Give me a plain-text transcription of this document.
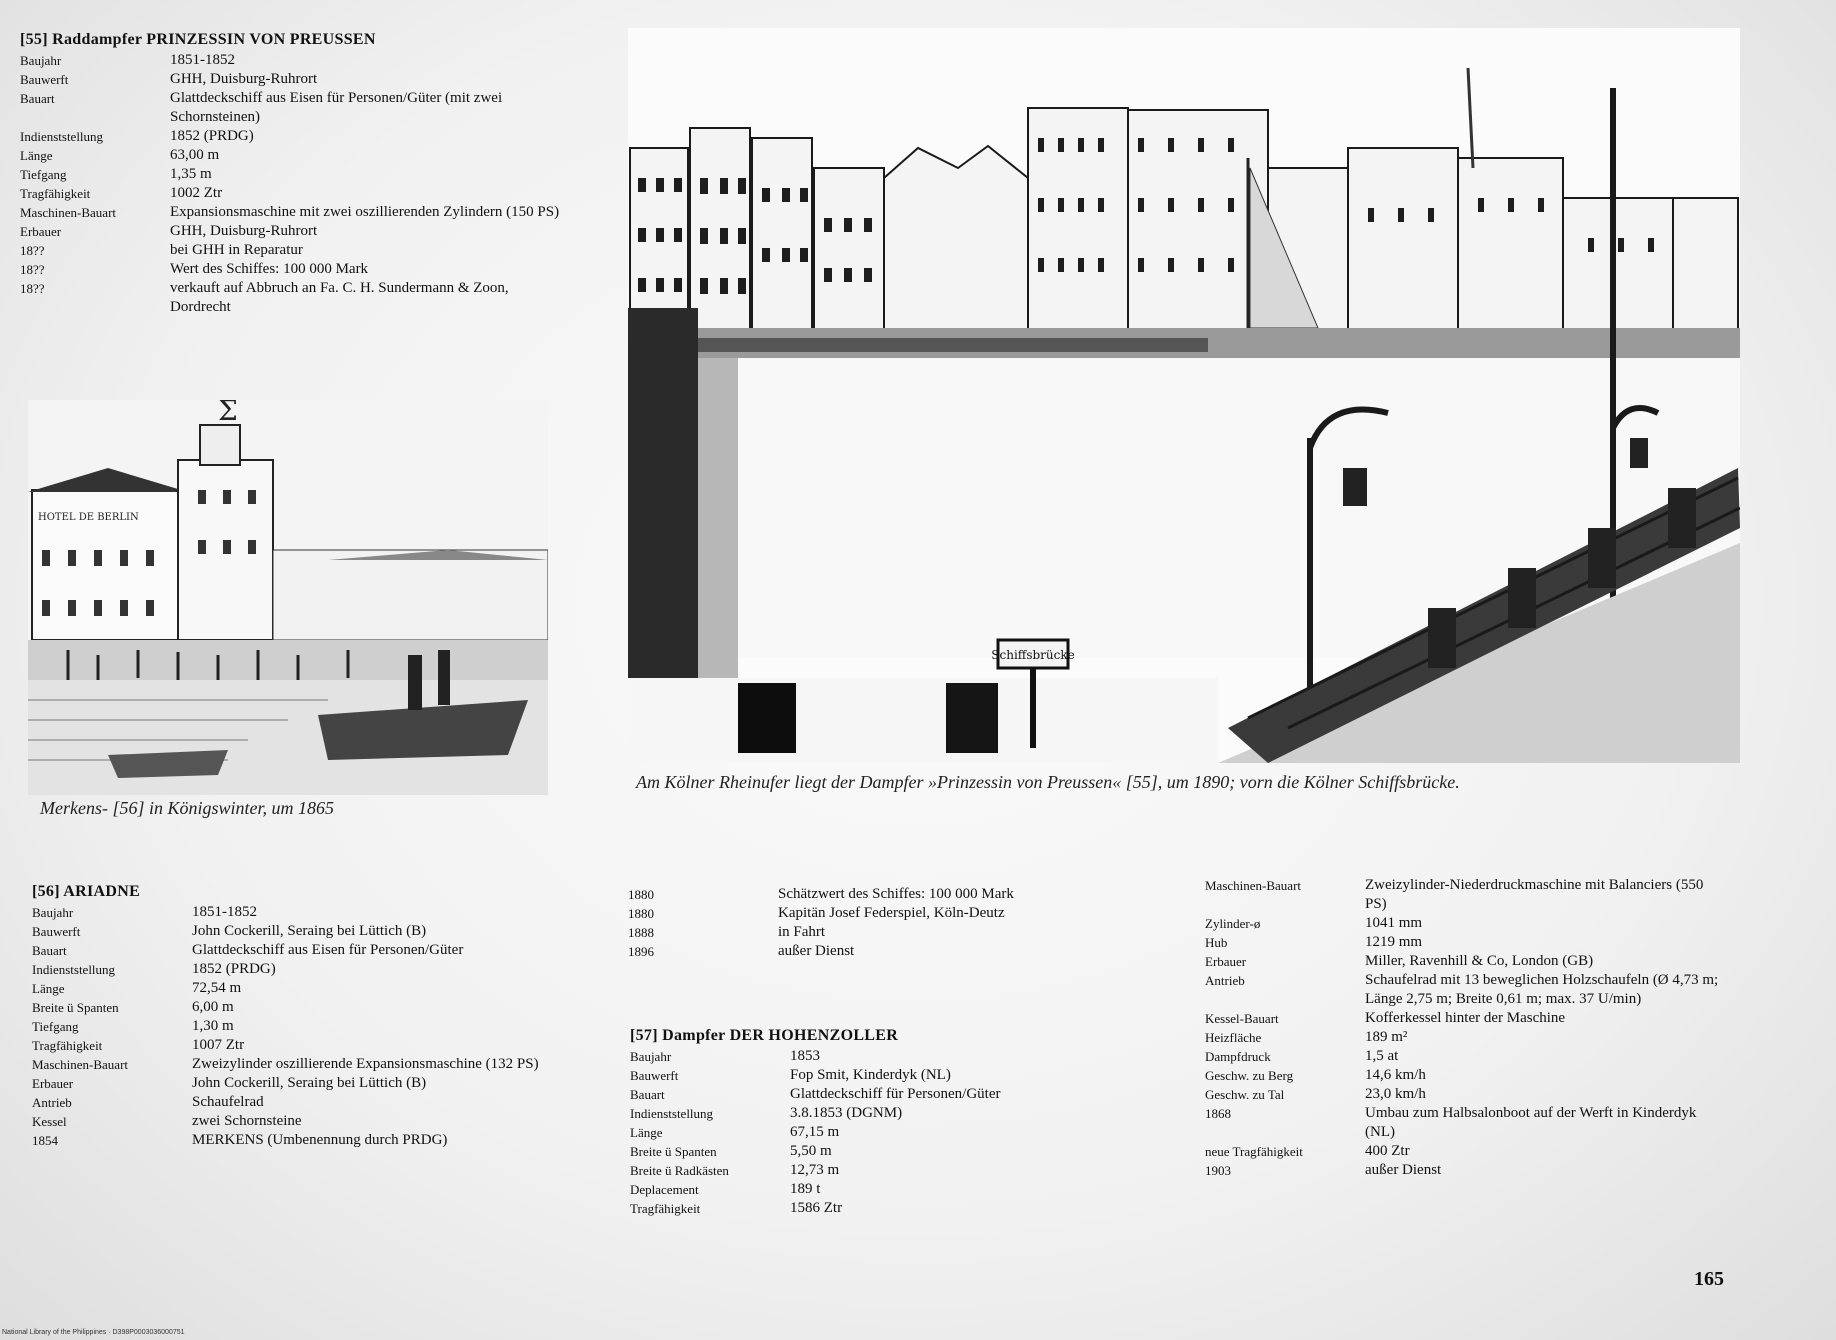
[55] Raddampfer PRINZESSIN VON PREUSSEN
Baujahr	1851-1852
Bauwerft	GHH, Duisburg-Ruhrort
Bauart	Glattdeckschiff aus Eisen für Personen/Güter (mit zwei Schornsteinen)
Indienststellung	1852 (PRDG)
Länge	63,00 m
Tiefgang	1,35 m
Tragfähigkeit	1002 Ztr
Maschinen-Bauart	Expansionsmaschine mit zwei oszillierenden Zylindern (150 PS)
Erbauer	GHH, Duisburg-Ruhrort
18??	bei GHH in Reparatur
18??	Wert des Schiffes: 100 000 Mark
18??	verkauft auf Abbruch an Fa. C. H. Sundermann & Zoon, Dordrecht
Σ
HOTEL DE BERLIN
Merkens- [56] in Königswinter, um 1865
Schiffsbrücke
Am Kölner Rheinufer liegt der Dampfer »Prinzessin von Preussen« [55], um 1890; vorn die Kölner Schiffsbrücke.
[56] ARIADNE
Baujahr	1851-1852
Bauwerft	John Cockerill, Seraing bei Lüttich (B)
Bauart	Glattdeckschiff aus Eisen für Personen/Güter
Indienststellung	1852 (PRDG)
Länge	72,54 m
Breite ü Spanten	6,00 m
Tiefgang	1,30 m
Tragfähigkeit	1007 Ztr
Maschinen-Bauart	Zweizylinder oszillierende Expansionsmaschine (132 PS)
Erbauer	John Cockerill, Seraing bei Lüttich (B)
Antrieb	Schaufelrad
Kessel	zwei Schornsteine
1854	MERKENS (Umbenennung durch PRDG)
1880	Schätzwert des Schiffes: 100 000 Mark
1880	Kapitän Josef Federspiel, Köln-Deutz
1888	in Fahrt
1896	außer Dienst
[57] Dampfer DER HOHENZOLLER
Baujahr	1853
Bauwerft	Fop Smit, Kinderdyk (NL)
Bauart	Glattdeckschiff für Personen/Güter
Indienststellung	3.8.1853 (DGNM)
Länge	67,15 m
Breite ü Spanten	5,50 m
Breite ü Radkästen	12,73 m
Deplacement	189 t
Tragfähigkeit	1586 Ztr
Maschinen-Bauart	Zweizylinder-Niederdruckmaschine mit Balanciers (550 PS)
Zylinder-ø	1041 mm
Hub	1219 mm
Erbauer	Miller, Ravenhill & Co, London (GB)
Antrieb	Schaufelrad mit 13 beweglichen Holzschaufeln (Ø 4,73 m; Länge 2,75 m; Breite 0,61 m; max. 37 U/min)
Kessel-Bauart	Kofferkessel hinter der Maschine
Heizfläche	189 m²
Dampfdruck	1,5 at
Geschw. zu Berg	14,6 km/h
Geschw. zu Tal	23,0 km/h
1868	Umbau zum Halbsalonboot auf der Werft in Kinderdyk (NL)
neue Tragfähigkeit	400 Ztr
1903	außer Dienst
165
National Library of the Philippines · D398P0003036000751
